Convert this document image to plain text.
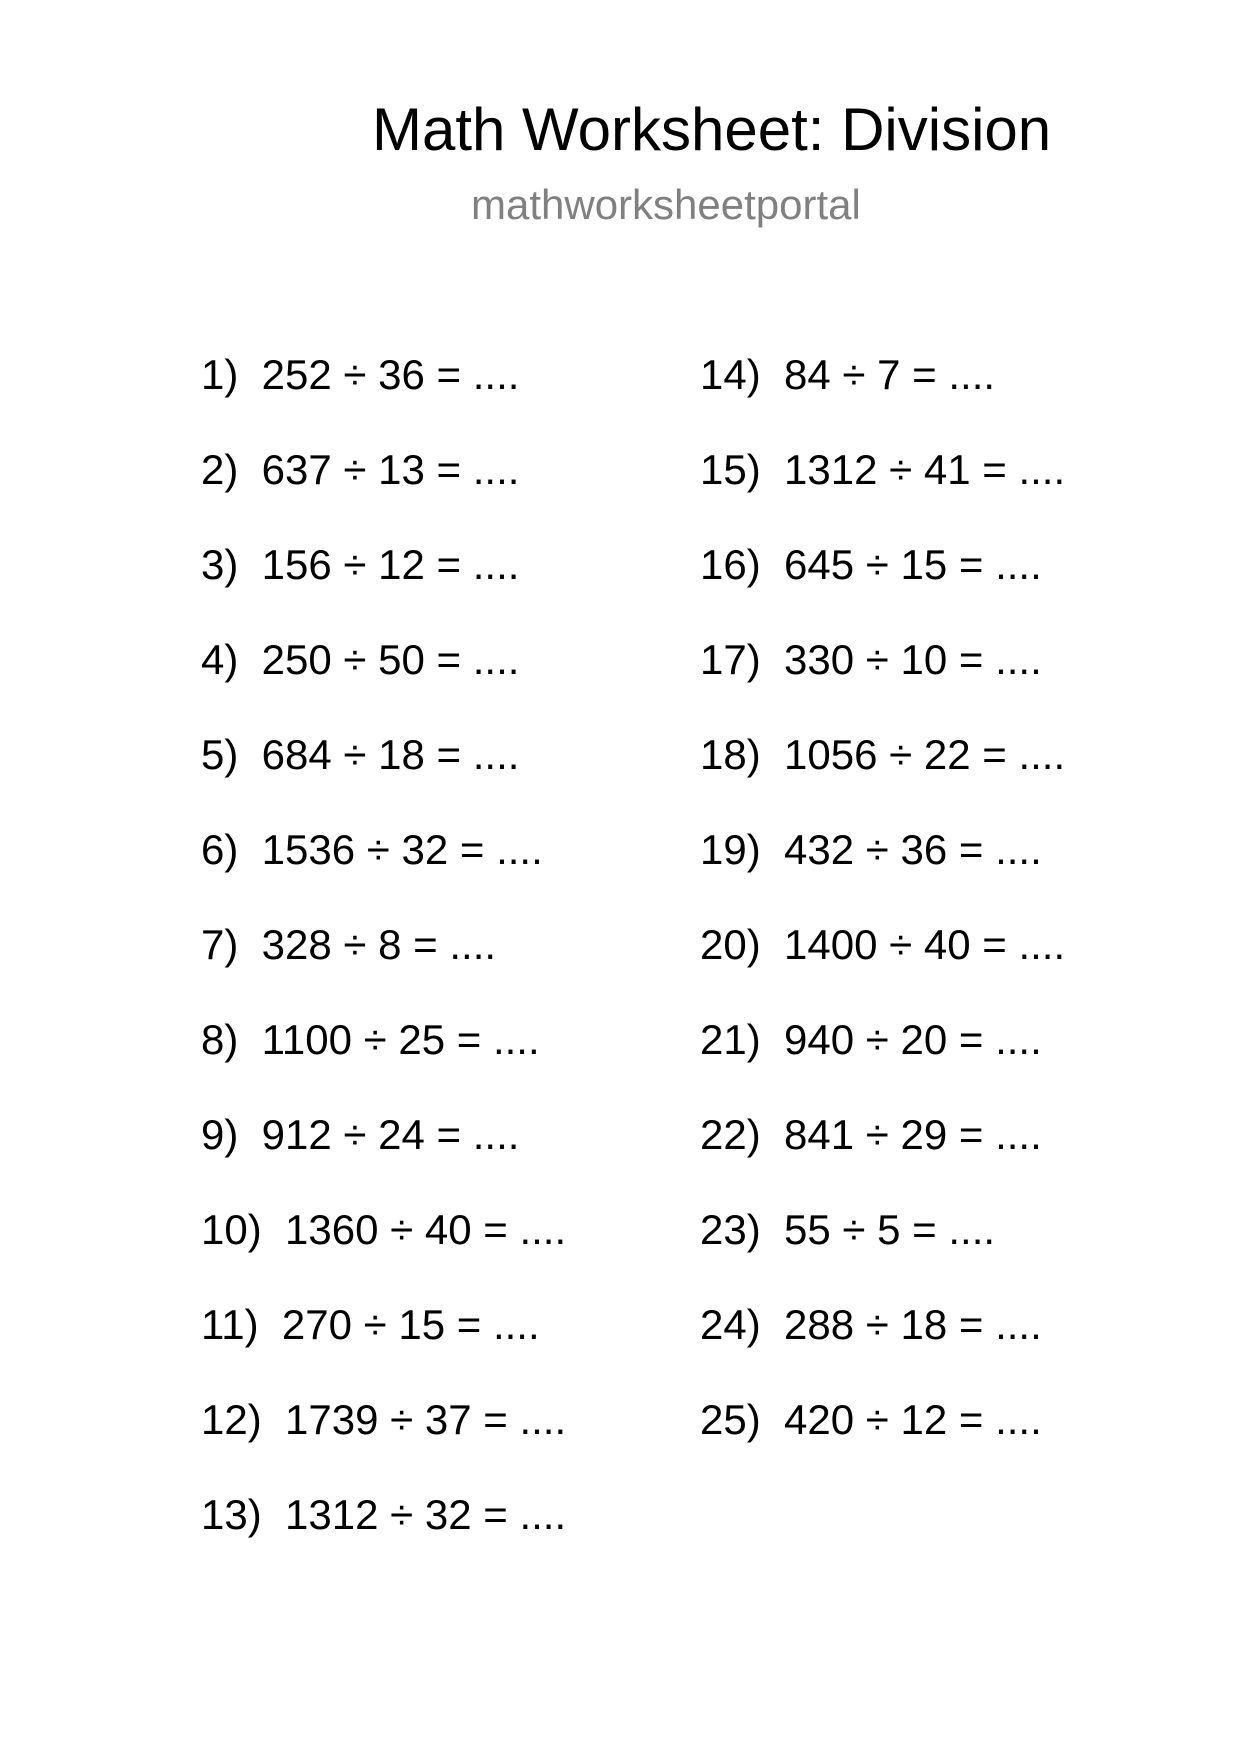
Math Worksheet: Division
mathworksheetportal
1)  252 ÷ 36 = ....
2)  637 ÷ 13 = ....
3)  156 ÷ 12 = ....
4)  250 ÷ 50 = ....
5)  684 ÷ 18 = ....
6)  1536 ÷ 32 = ....
7)  328 ÷ 8 = ....
8)  1100 ÷ 25 = ....
9)  912 ÷ 24 = ....
10)  1360 ÷ 40 = ....
11)  270 ÷ 15 = ....
12)  1739 ÷ 37 = ....
13)  1312 ÷ 32 = ....
14)  84 ÷ 7 = ....
15)  1312 ÷ 41 = ....
16)  645 ÷ 15 = ....
17)  330 ÷ 10 = ....
18)  1056 ÷ 22 = ....
19)  432 ÷ 36 = ....
20)  1400 ÷ 40 = ....
21)  940 ÷ 20 = ....
22)  841 ÷ 29 = ....
23)  55 ÷ 5 = ....
24)  288 ÷ 18 = ....
25)  420 ÷ 12 = ....
